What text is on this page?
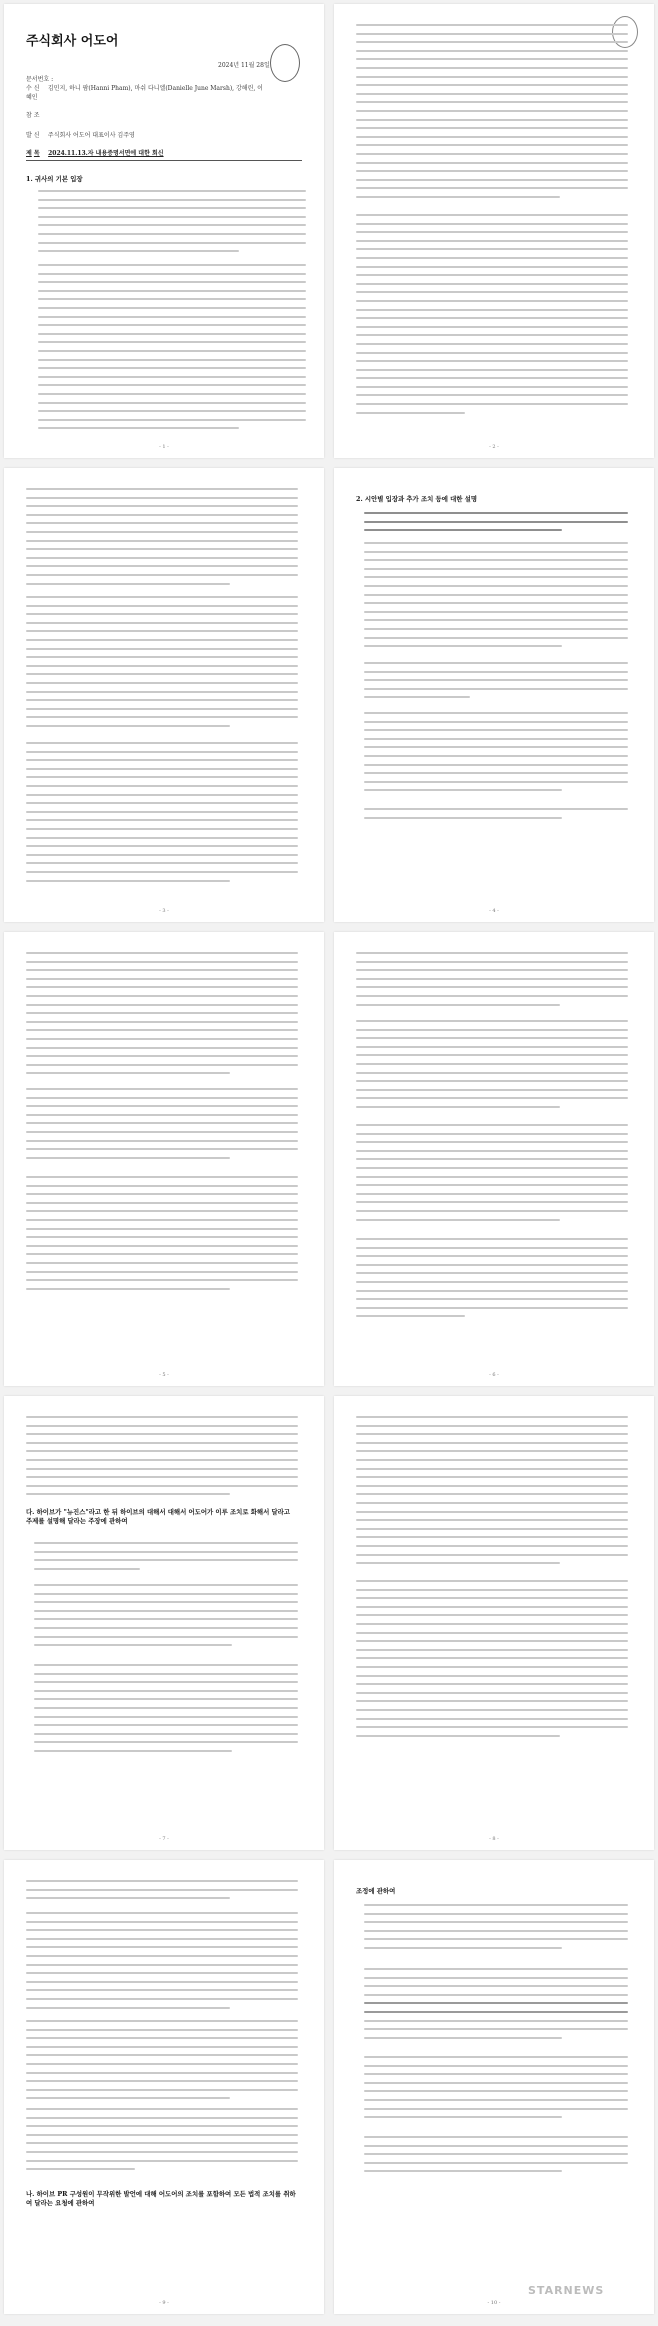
주식회사 어도어
2024년 11월 28일
문서번호 :
수 신 김민지, 하니 팜(Hanni Pham), 마쉬 다니엘(Danielle June Marsh), 강해린, 이혜인
참 조
발 신 주식회사 어도어 대표이사 김주영
제 목 2024.11.13.자 내용증명서면에 대한 회신
1. 귀사의 기본 입장
- 1 -	- 2 -
- 3 -
2. 시안별 입장과 추가 조치 등에 대한 설명
- 4 -
- 5 -	- 6 -
다. 하이브가 "뉴진스"라고 한 뒤 하이브의 대해서 대해서 어도어가 이루 조치로 화해서 달라고 주제를 설명해 달라는 주장에 관하여
- 7 -	- 8 -
나. 하이브 PR 구성원이 무작위한 발언에 대해 어도어의 조치를 포함하여 모든 법적 조치를 취하여 달라는 요청에 관하여
- 9 -
조정에 관하여
- 10 -
STARNEWS
